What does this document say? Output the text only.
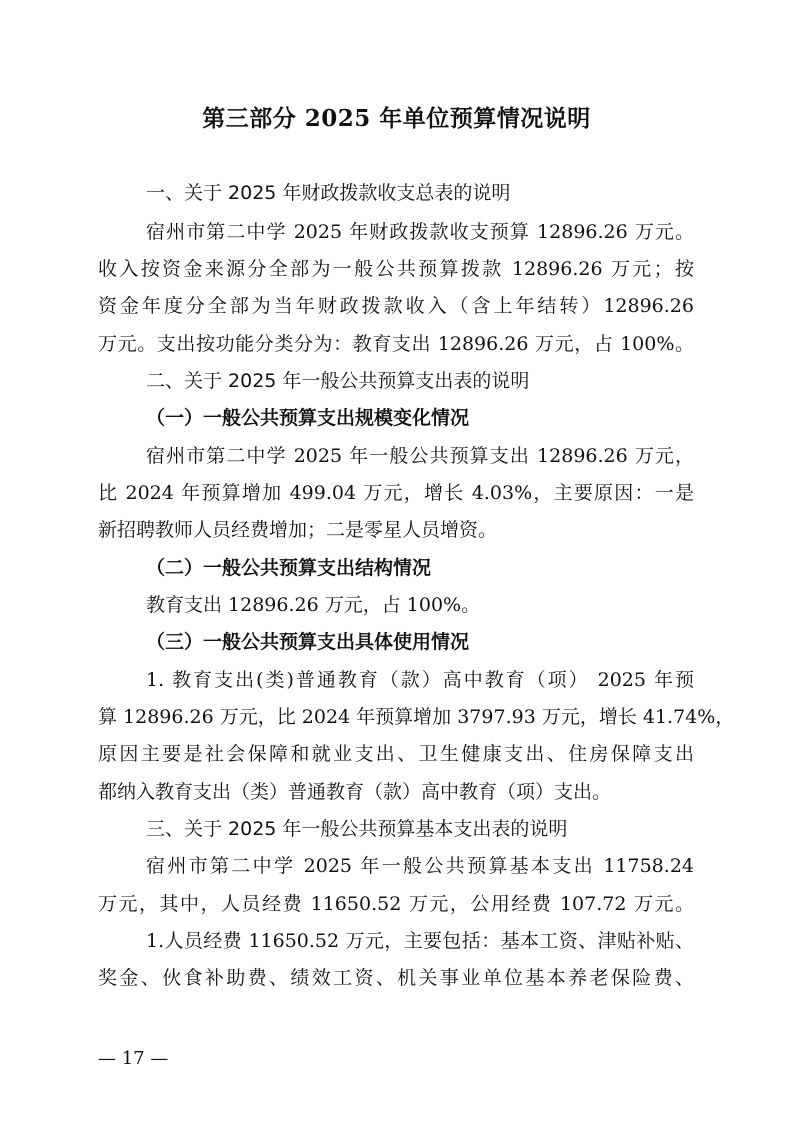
第三部分 2025 年单位预算情况说明
一、关于 2025 年财政拨款收支总表的说明
宿州市第二中学 2025 年财政拨款收支预算 12896.26 万元。
收入按资金来源分全部为一般公共预算拨款 12896.26 万元；按
资金年度分全部为当年财政拨款收入（含上年结转）12896.26
万元。支出按功能分类分为：教育支出 12896.26 万元，占 100%。
二、关于 2025 年一般公共预算支出表的说明
（一）一般公共预算支出规模变化情况
宿州市第二中学 2025 年一般公共预算支出 12896.26 万元，
比 2024 年预算增加 499.04 万元，增长 4.03%，主要原因：一是
新招聘教师人员经费增加；二是零星人员增资。
（二）一般公共预算支出结构情况
教育支出 12896.26 万元，占 100%。
（三）一般公共预算支出具体使用情况
1. 教育支出(类)普通教育（款）高中教育（项） 2025 年预
算 12896.26 万元，比 2024 年预算增加 3797.93 万元，增长 41.74%，
原因主要是社会保障和就业支出、卫生健康支出、住房保障支出
都纳入教育支出（类）普通教育（款）高中教育（项）支出。
三、关于 2025 年一般公共预算基本支出表的说明
宿州市第二中学 2025 年一般公共预算基本支出 11758.24
万元，其中，人员经费 11650.52 万元，公用经费 107.72 万元。
1.人员经费 11650.52 万元，主要包括：基本工资、津贴补贴、
奖金、伙食补助费、绩效工资、机关事业单位基本养老保险费、
— 17 —
